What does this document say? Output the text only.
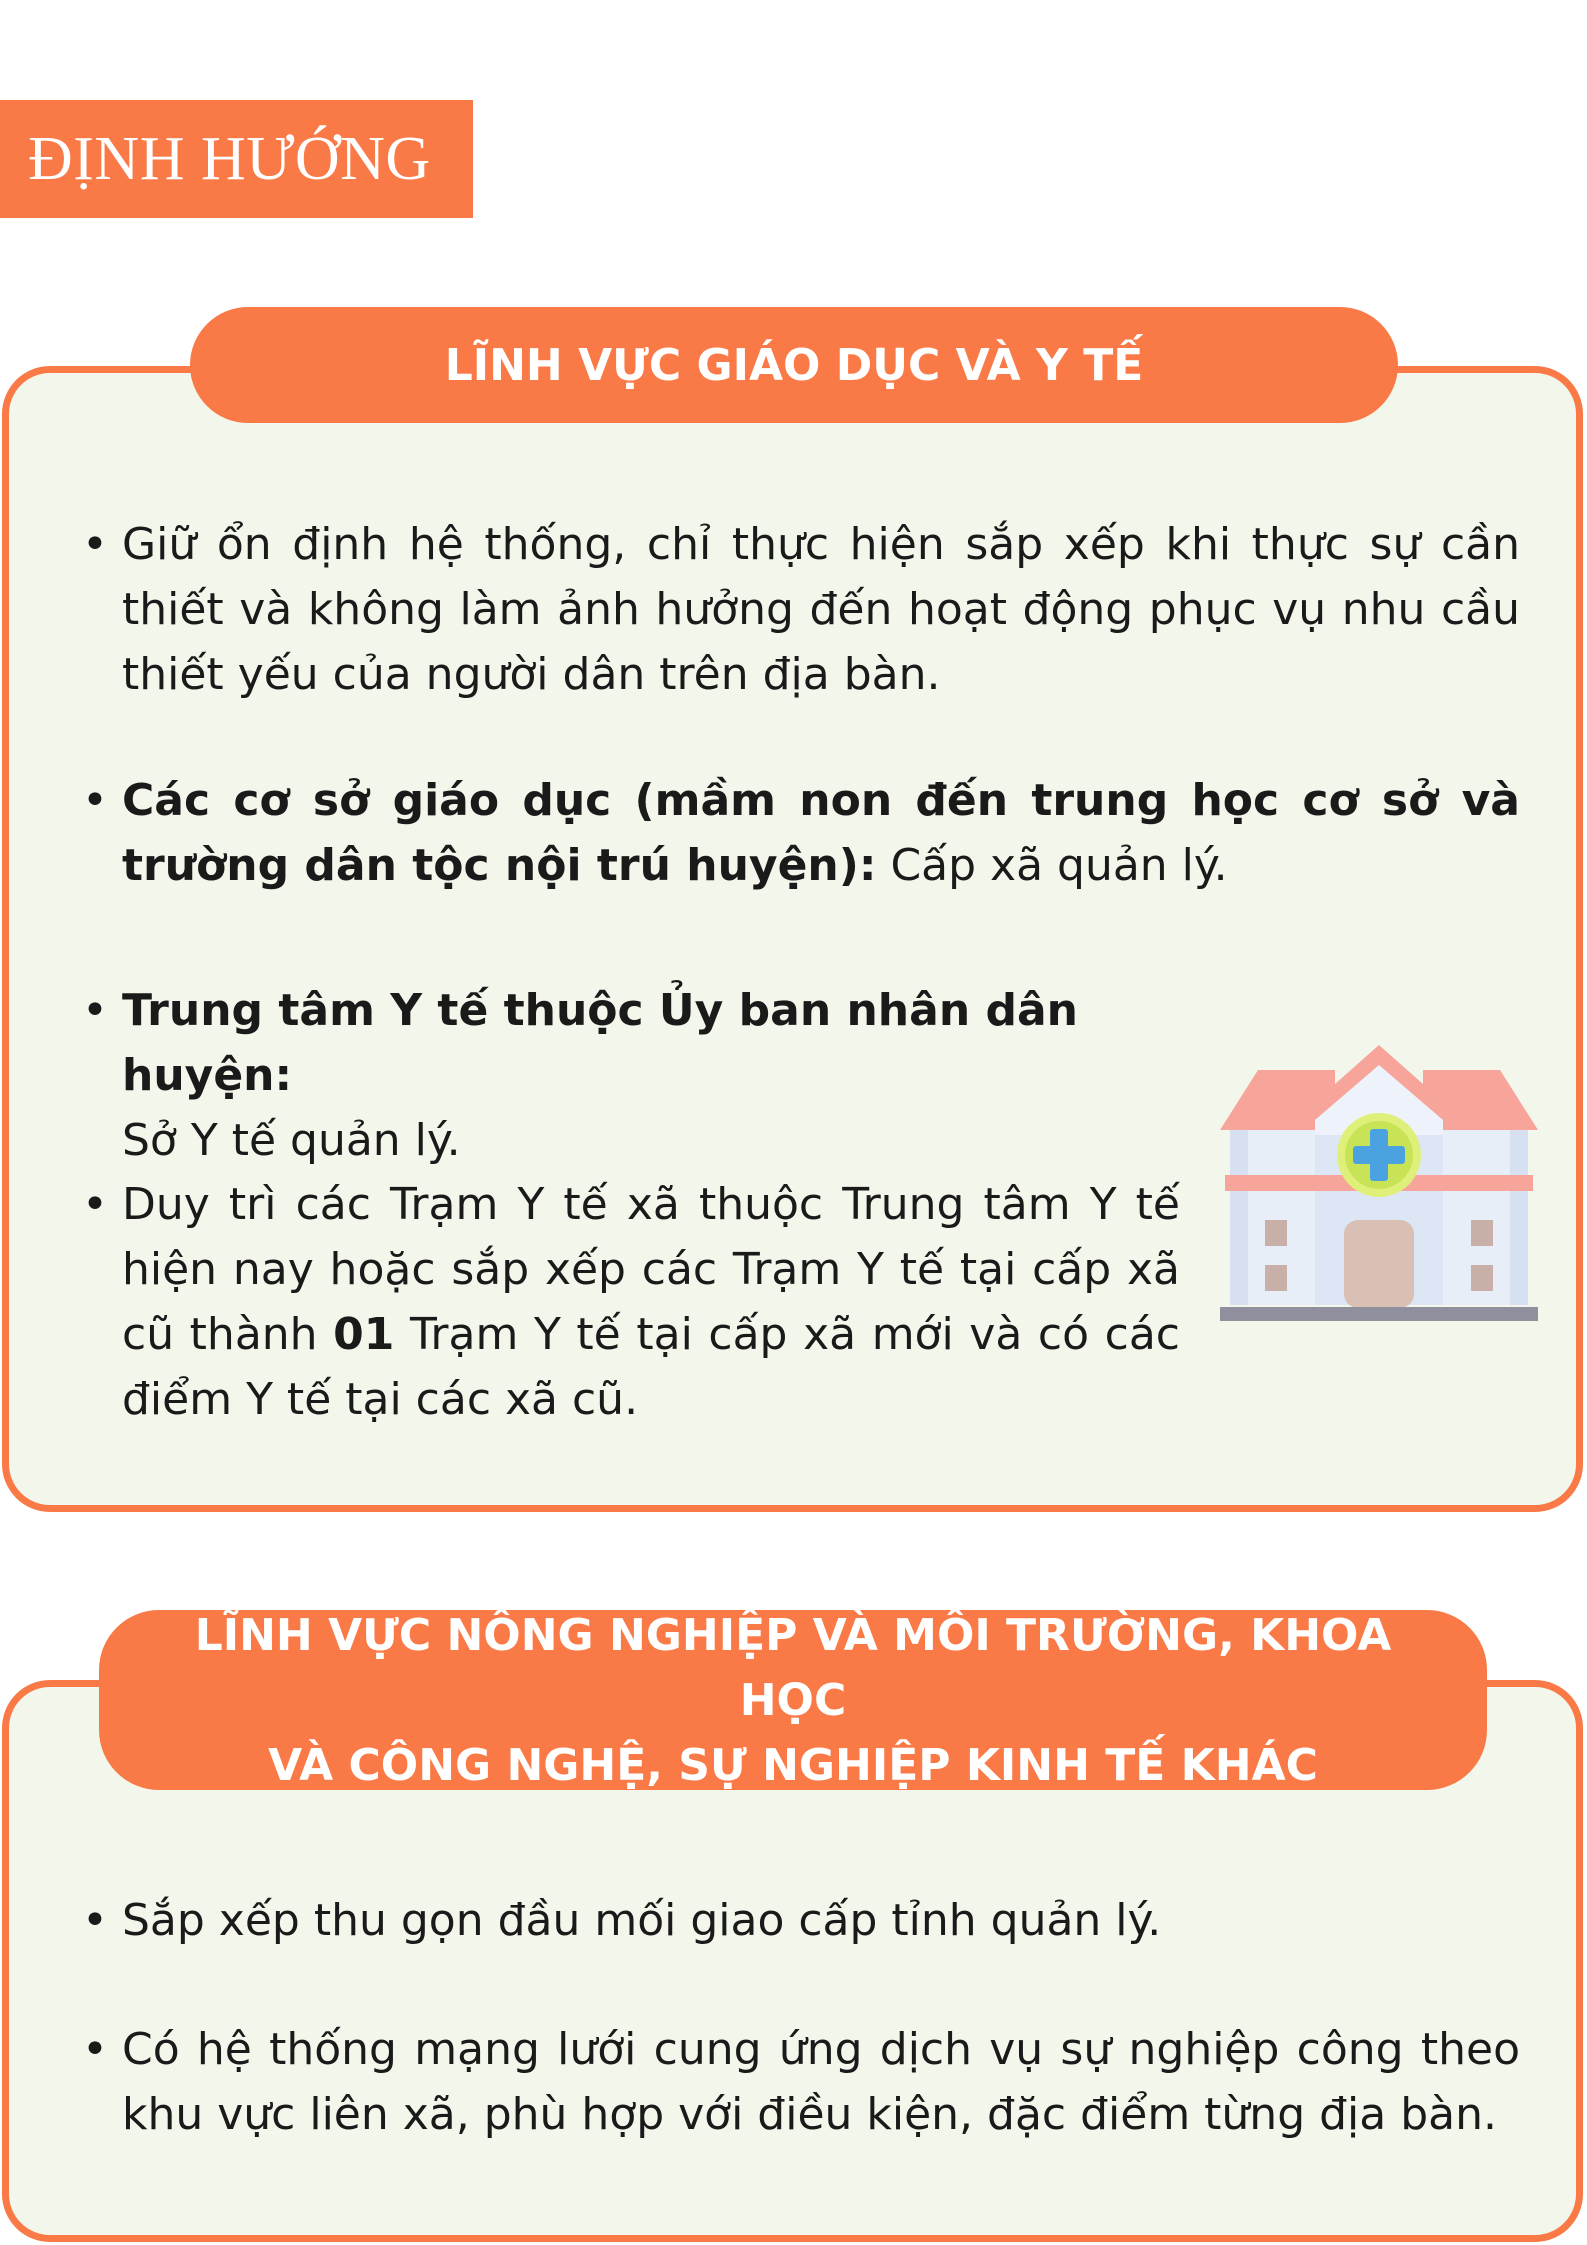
ĐỊNH HƯỚNG
LĨNH VỰC GIÁO DỤC VÀ Y TẾ
• Giữ ổn định hệ thống, chỉ thực hiện sắp xếp khi thực sự cần thiết và không làm ảnh hưởng đến hoạt động phục vụ nhu cầu thiết yếu của người dân trên địa bàn.
• Các cơ sở giáo dục (mầm non đến trung học cơ sở và trường dân tộc nội trú huyện): Cấp xã quản lý.
• Trung tâm Y tế thuộc Ủy ban nhân dân huyện:
Sở Y tế quản lý.
• Duy trì các Trạm Y tế xã thuộc Trung tâm Y tế hiện nay hoặc sắp xếp các Trạm Y tế tại cấp xã cũ thành 01 Trạm Y tế tại cấp xã mới và có các điểm Y tế tại các xã cũ.
LĨNH VỰC NÔNG NGHIỆP VÀ MÔI TRƯỜNG, KHOA HỌC
VÀ CÔNG NGHỆ, SỰ NGHIỆP KINH TẾ KHÁC
• Sắp xếp thu gọn đầu mối giao cấp tỉnh quản lý.
• Có hệ thống mạng lưới cung ứng dịch vụ sự nghiệp công theo khu vực liên xã, phù hợp với điều kiện, đặc điểm từng địa bàn.
